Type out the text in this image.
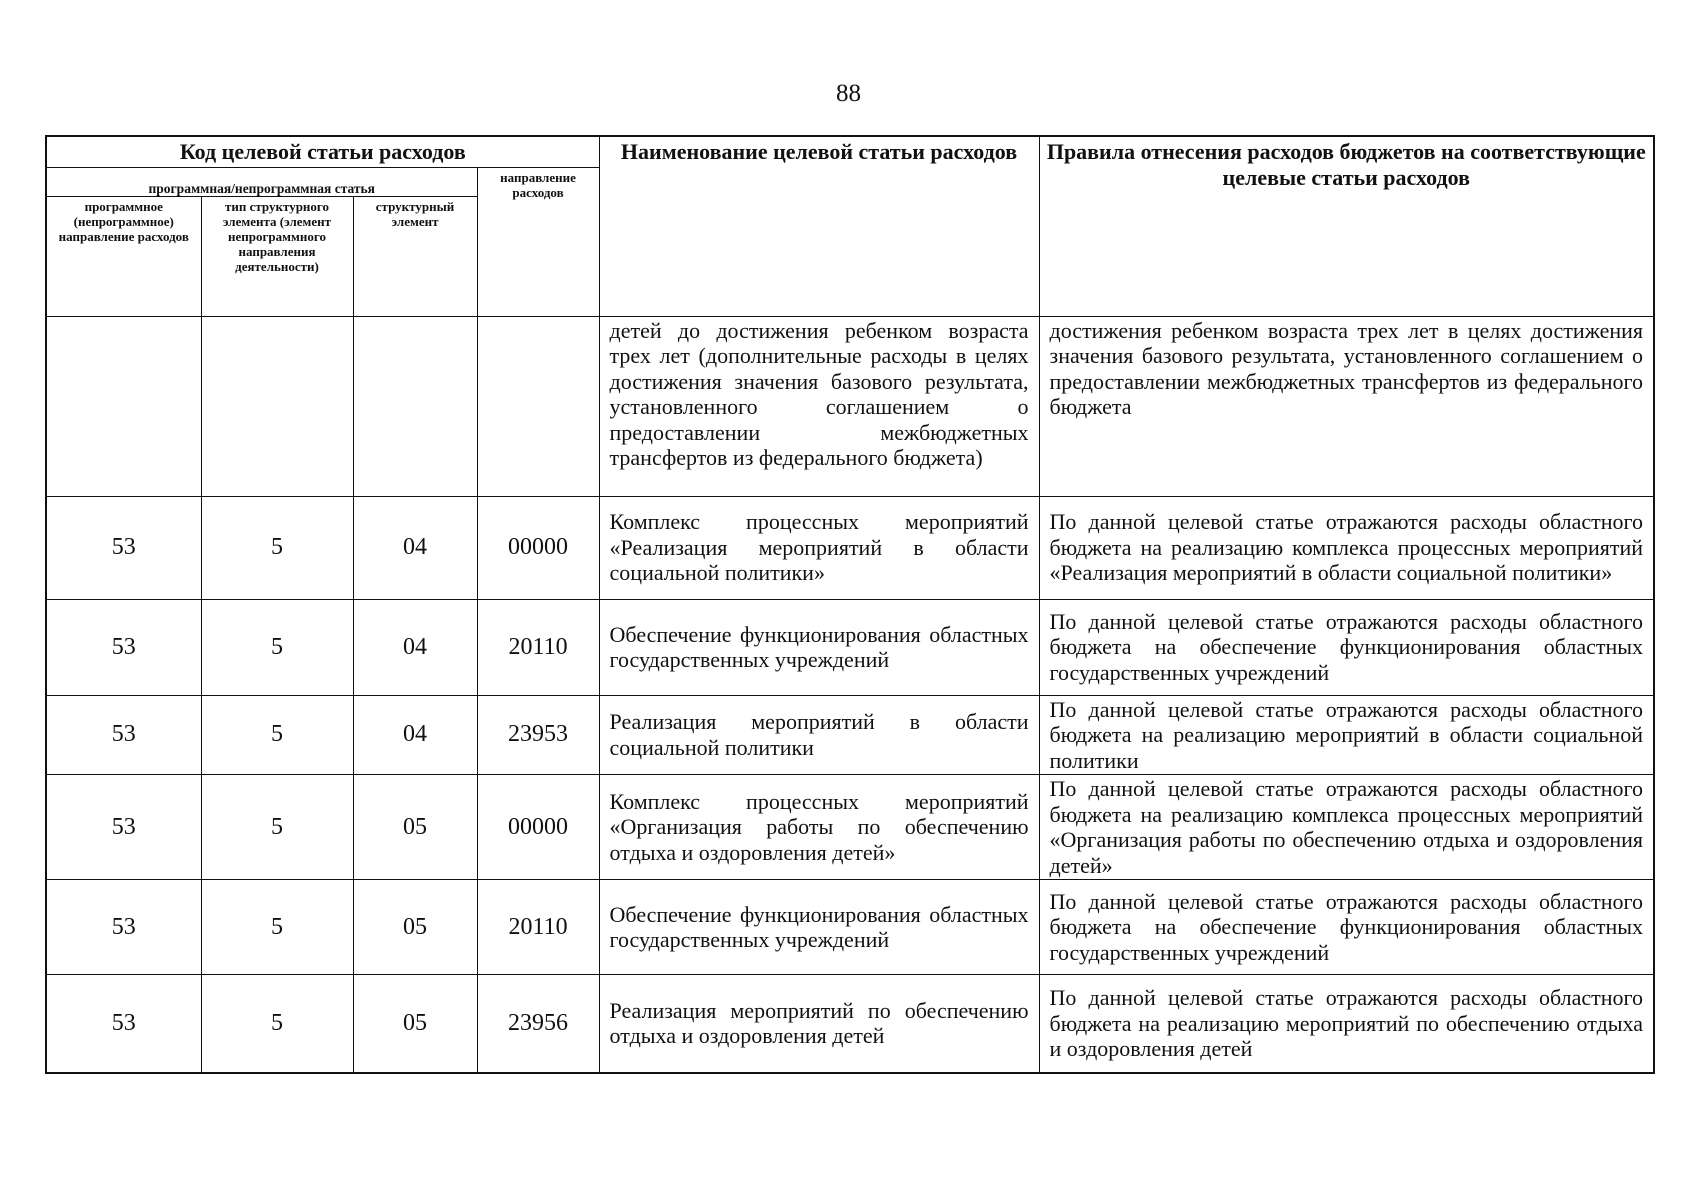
88
Код целевой статьи расходов				Наименование целевой статьи расходов	Правила отнесения расходов бюджетов на соответствующие целевые статьи расходов
программная/непрограммная статья			направление расходов		
программное (непрограммное) направление расходов	тип структурного элемента (элемент непрограммного направления деятельности)	структурный элемент			
				детей до достижения ребенком возраста трех лет (дополнительные расходы в целях достижения значения базового результата, установленного соглашением о предоставлении межбюджетных трансфертов из федерального бюджета)	достижения ребенком возраста трех лет в целях достижения значения базового результата, установленного соглашением о предоставлении межбюджетных трансфертов из федерального бюджета
53	5	04	00000	Комплекс процессных мероприятий «Реализация мероприятий в области социальной политики»	По данной целевой статье отражаются расходы областного бюджета на реализацию комплекса процессных мероприятий «Реализация мероприятий в области социальной политики»
53	5	04	20110	Обеспечение функционирования областных государственных учреждений	По данной целевой статье отражаются расходы областного бюджета на обеспечение функционирования областных государственных учреждений
53	5	04	23953	Реализация мероприятий в области социальной политики	По данной целевой статье отражаются расходы областного бюджета на реализацию мероприятий в области социальной политики
53	5	05	00000	Комплекс процессных мероприятий «Организация работы по обеспечению отдыха и оздоровления детей»	По данной целевой статье отражаются расходы областного бюджета на реализацию комплекса процессных мероприятий «Организация работы по обеспечению отдыха и оздоровления детей»
53	5	05	20110	Обеспечение функционирования областных государственных учреждений	По данной целевой статье отражаются расходы областного бюджета на обеспечение функционирования областных государственных учреждений
53	5	05	23956	Реализация мероприятий по обеспечению отдыха и оздоровления детей	По данной целевой статье отражаются расходы областного бюджета на реализацию мероприятий по обеспечению отдыха и оздоровления детей
